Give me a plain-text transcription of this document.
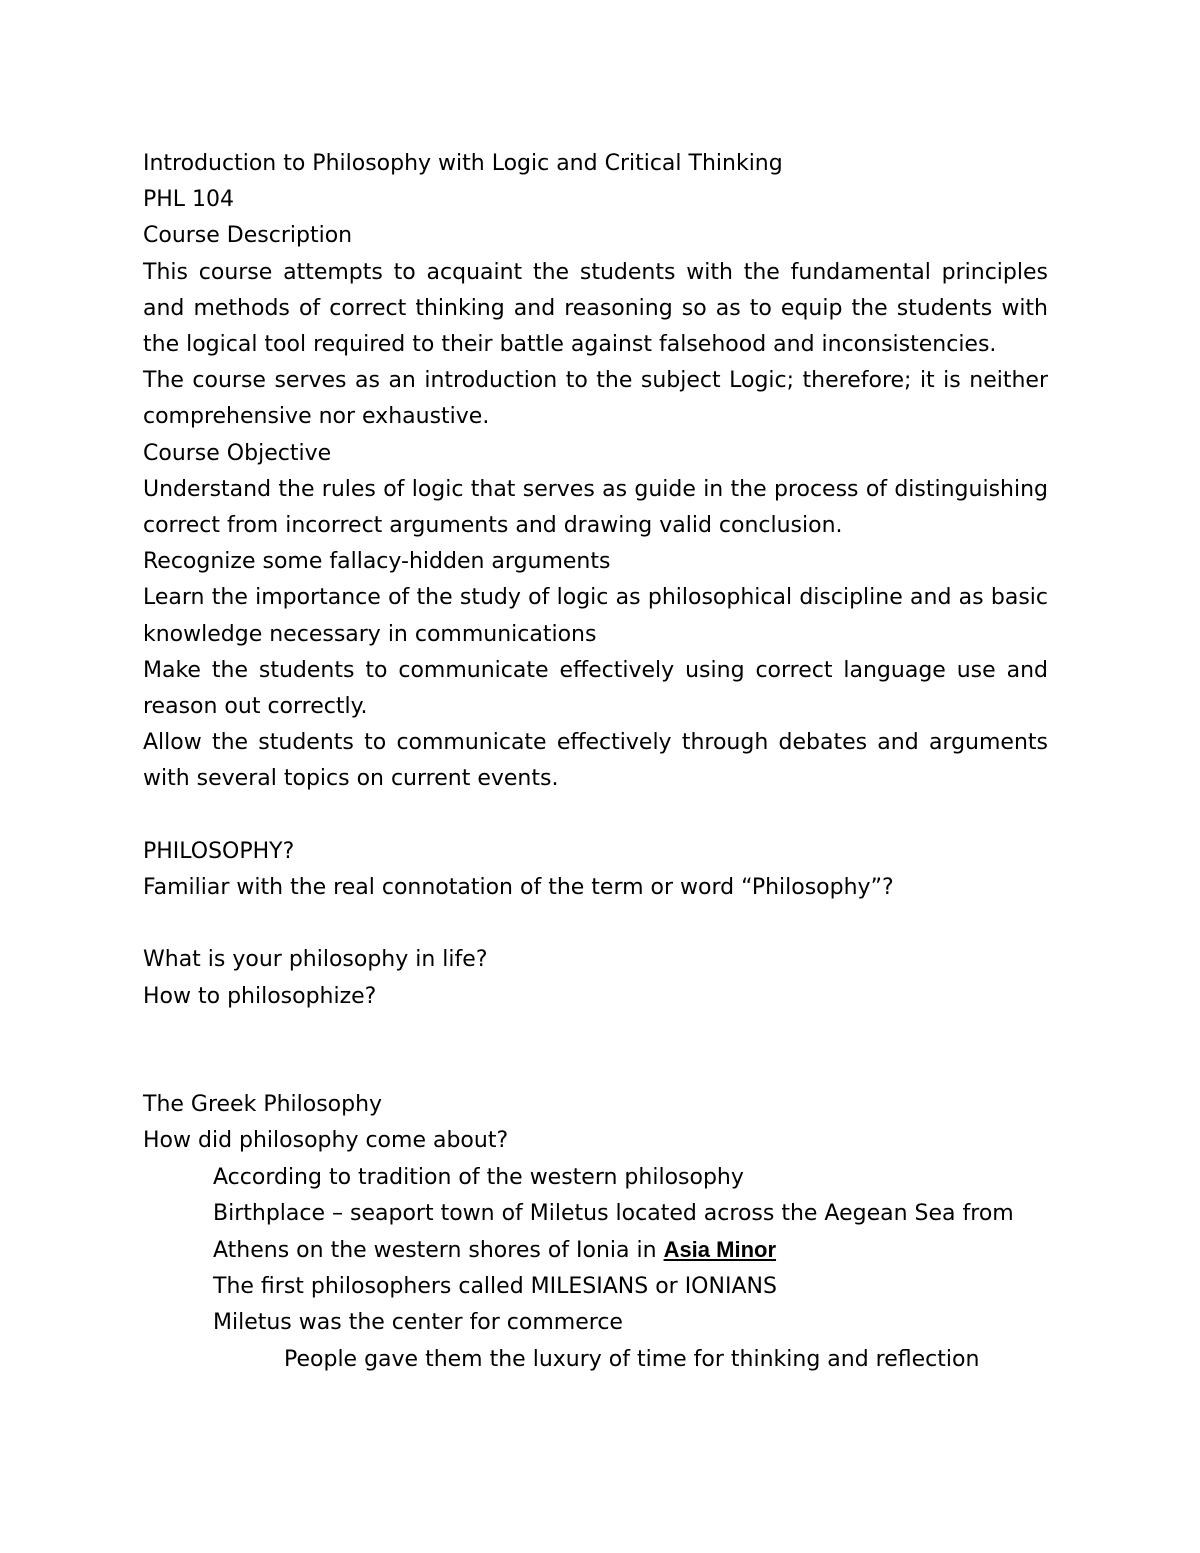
Introduction to Philosophy with Logic and Critical Thinking

PHL 104

Course Description

This course attempts to acquaint the students with the fundamental principles and methods of correct thinking and reasoning so as to equip the students with the logical tool required to their battle against falsehood and inconsistencies.

The course serves as an introduction to the subject Logic; therefore; it is neither comprehensive nor exhaustive.

Course Objective

Understand the rules of logic that serves as guide in the process of distinguishing correct from incorrect arguments and drawing valid conclusion.

Recognize some fallacy-hidden arguments

Learn the importance of the study of logic as philosophical discipline and as basic knowledge necessary in communications

Make the students to communicate effectively using correct language use and reason out correctly.

Allow the students to communicate effectively through debates and arguments with several topics on current events.

PHILOSOPHY?

Familiar with the real connotation of the term or word “Philosophy”?

What is your philosophy in life?

How to philosophize?

The Greek Philosophy

How did philosophy come about?

According to tradition of the western philosophy

Birthplace – seaport town of Miletus located across the Aegean Sea from

Athens on the western shores of Ionia in Asia Minor

The first philosophers called MILESIANS or IONIANS

Miletus was the center for commerce

People gave them the luxury of time for thinking and reflection
